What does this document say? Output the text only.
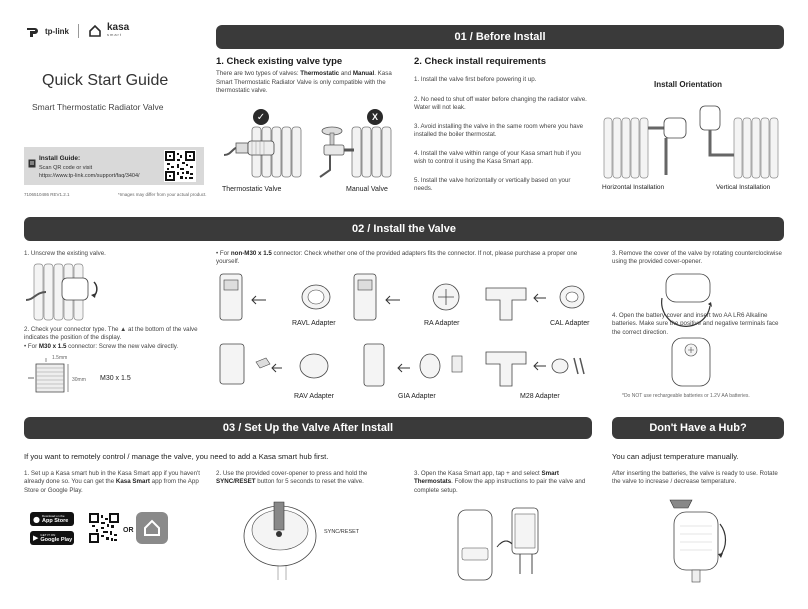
tp-link	kasa
smart
Quick Start Guide
Smart Thermostatic Radiator Valve
Install Guide:
Scan QR code or visit
https://www.tp-link.com/support/faq/3404/
7106510486 REV1.2.1	*Images may differ from your actual product.
01 / Before Install
1. Check existing valve type
There are two types of valves: Thermostatic and Manual. Kasa Smart Thermostatic Radiator Valve is only compatible with the thermostatic valve.
✓	X
Thermostatic Valve	Manual Valve
2. Check install requirements
1. Install the valve first before powering it up.
2. No need to shut off water before changing the radiator valve. Water will not leak.
3. Avoid installing the valve in the same room where you have installed the boiler thermostat.
4. Install the valve within range of your Kasa smart hub if you wish to control it using the Kasa Smart app.
5. Install the valve horizontally or vertically based on your needs.
Install Orientation
Horizontal Installation	Vertical Installation
02 / Install the Valve
1. Unscrew the existing valve.
2. Check your connector type. The ▲ at the bottom of the valve indicates the position of the display.
• For M30 x 1.5 connector: Screw the new valve directly.
1.5mm
30mm M30 x 1.5
• For non-M30 x 1.5 connector: Check whether one of the provided adapters fits the connector. If not, please purchase a proper one yourself.
RAVL Adapter	RA Adapter	CAL Adapter
RAV Adapter	GIA Adapter	M28 Adapter
3. Remove the cover of the valve by rotating counterclockwise using the provided cover-opener.
4. Open the battery cover and insert two AA LR6 Alkaline batteries. Make sure the positive and negative terminals face the correct direction.
*Do NOT use rechargeable batteries or 1.2V AA batteries.
03 / Set Up the Valve After Install	Don't Have a Hub?
If you want to remotely control / manage the valve, you need to add a Kasa smart hub first.
1. Set up a Kasa smart hub in the Kasa Smart app if you haven't already done so. You can get the Kasa Smart app from the App Store or Google Play.
● Download on the
App Store
▶ GET IT ON
Google Play
OR
2. Use the provided cover-opener to press and hold the SYNC/RESET button for 5 seconds to reset the valve.
SYNC/RESET
3. Open the Kasa Smart app, tap + and select Smart Thermostats. Follow the app instructions to pair the valve and complete setup.
You can adjust temperature manually.
After inserting the batteries, the valve is ready to use. Rotate the valve to increase / decrease temperature.
